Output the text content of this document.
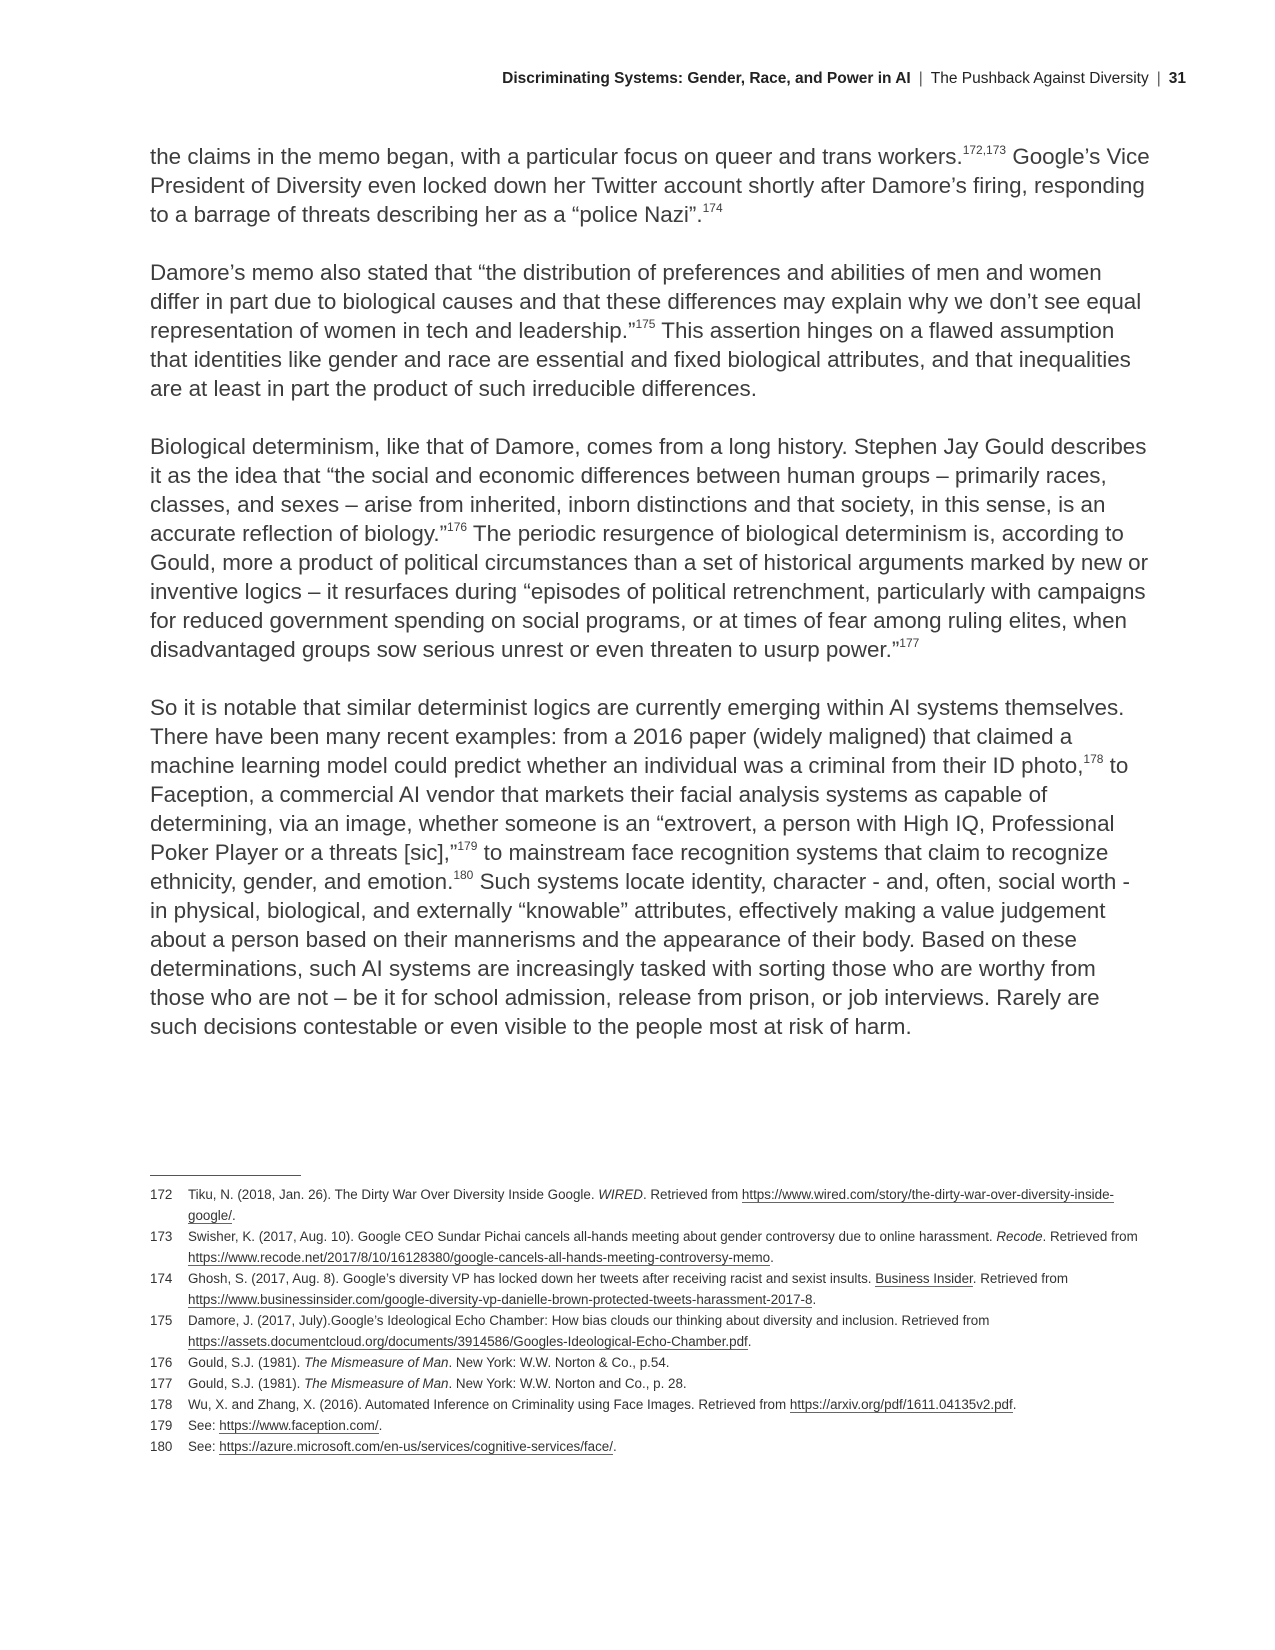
Discriminating Systems: Gender, Race, and Power in AI | The Pushback Against Diversity | 31

the claims in the memo began, with a particular focus on queer and trans workers.$^{172,173}$ Google’s Vice President of Diversity even locked down her Twitter account shortly after Damore’s firing, responding to a barrage of threats describing her as a “police Nazi”.$^{174}$

Damore’s memo also stated that “the distribution of preferences and abilities of men and women differ in part due to biological causes and that these differences may explain why we don’t see equal representation of women in tech and leadership.”$^{175}$ This assertion hinges on a flawed assumption that identities like gender and race are essential and fixed biological attributes, and that inequalities are at least in part the product of such irreducible differences.

Biological determinism, like that of Damore, comes from a long history. Stephen Jay Gould describes it as the idea that “the social and economic differences between human groups – primarily races, classes, and sexes – arise from inherited, inborn distinctions and that society, in this sense, is an accurate reflection of biology.”$^{176}$ The periodic resurgence of biological determinism is, according to Gould, more a product of political circumstances than a set of historical arguments marked by new or inventive logics – it resurfaces during “episodes of political retrenchment, particularly with campaigns for reduced government spending on social programs, or at times of fear among ruling elites, when disadvantaged groups sow serious unrest or even threaten to usurp power.”$^{177}$

So it is notable that similar determinist logics are currently emerging within AI systems themselves. There have been many recent examples: from a 2016 paper (widely maligned) that claimed a machine learning model could predict whether an individual was a criminal from their ID photo,$^{178}$ to Faception, a commercial AI vendor that markets their facial analysis systems as capable of determining, via an image, whether someone is an “extrovert, a person with High IQ, Professional Poker Player or a threats [sic],”$^{179}$ to mainstream face recognition systems that claim to recognize ethnicity, gender, and emotion.$^{180}$ Such systems locate identity, character - and, often, social worth - in physical, biological, and externally “knowable” attributes, effectively making a value judgement about a person based on their mannerisms and the appearance of their body. Based on these determinations, such AI systems are increasingly tasked with sorting those who are worthy from those who are not – be it for school admission, release from prison, or job interviews. Rarely are such decisions contestable or even visible to the people most at risk of harm.

172	Tiku, N. (2018, Jan. 26). The Dirty War Over Diversity Inside Google. WIRED. Retrieved from https://www.wired.com/story/the-dirty-war-over-diversity-inside-google/.
173	Swisher, K. (2017, Aug. 10). Google CEO Sundar Pichai cancels all-hands meeting about gender controversy due to online harassment. Recode. Retrieved from https://www.recode.net/2017/8/10/16128380/google-cancels-all-hands-meeting-controversy-memo.
174	Ghosh, S. (2017, Aug. 8). Google’s diversity VP has locked down her tweets after receiving racist and sexist insults. Business Insider. Retrieved from https://www.businessinsider.com/google-diversity-vp-danielle-brown-protected-tweets-harassment-2017-8.
175	Damore, J. (2017, July).Google’s Ideological Echo Chamber: How bias clouds our thinking about diversity and inclusion. Retrieved from https://assets.documentcloud.org/documents/3914586/Googles-Ideological-Echo-Chamber.pdf.
176	Gould, S.J. (1981). The Mismeasure of Man. New York: W.W. Norton & Co., p.54.
177	Gould, S.J. (1981). The Mismeasure of Man. New York: W.W. Norton and Co., p. 28.
178	Wu, X. and Zhang, X. (2016). Automated Inference on Criminality using Face Images. Retrieved from https://arxiv.org/pdf/1611.04135v2.pdf.
179	See: https://www.faception.com/.
180	See: https://azure.microsoft.com/en-us/services/cognitive-services/face/.
